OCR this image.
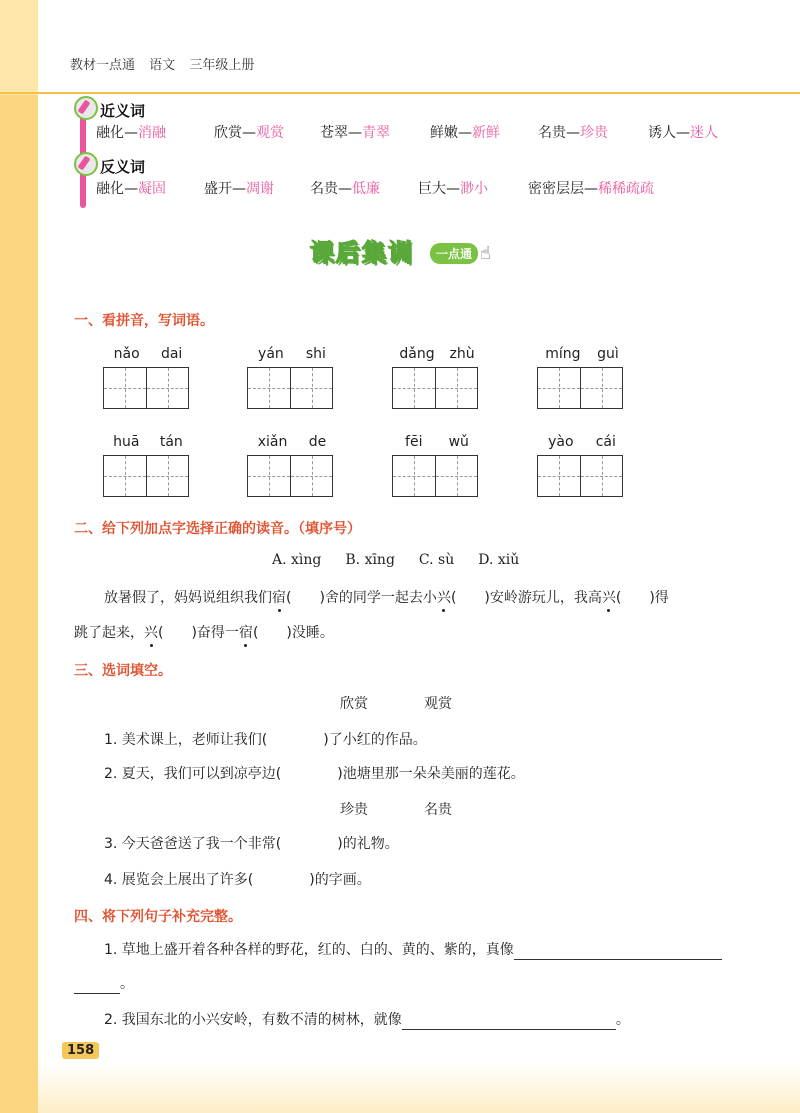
教材一点通 语文 三年级上册
近义词
融化— 消融	欣赏— 观赏	苍翠— 青翠	鲜嫩— 新鲜	名贵— 珍贵	诱人— 迷人
反义词
融化— 凝固	盛开— 凋谢	名贵— 低廉	巨大— 渺小	密密层层— 稀稀疏疏
课后集训	一点通 ☝
一、看拼音，写词语。
nǎo dai	yán shi	dǎng zhù	míng guì
huā tán	xiǎn de	fēi wǔ	yào cái
二、给下列加点字选择正确的读音。（填序号）
A. xìng B. xīng C. sù D. xiǔ
放暑假了，妈妈说组织我们宿(　　)舍的同学一起去小兴(　　)安岭游玩儿，我高兴(　　)得
跳了起来，兴(　　)奋得一宿(　　)没睡。
三、选词填空。
欣赏　　　　观赏
1. 美术课上，老师让我们(　　　　)了小红的作品。
2. 夏天，我们可以到凉亭边(　　　　)池塘里那一朵朵美丽的莲花。
珍贵　　　　名贵
3. 今天爸爸送了我一个非常(　　　　)的礼物。
4. 展览会上展出了许多(　　　　)的字画。
四、将下列句子补充完整。
1. 草地上盛开着各种各样的野花，红的、白的、黄的、紫的，真像
。
2. 我国东北的小兴安岭，有数不清的树林，就像	。
158
